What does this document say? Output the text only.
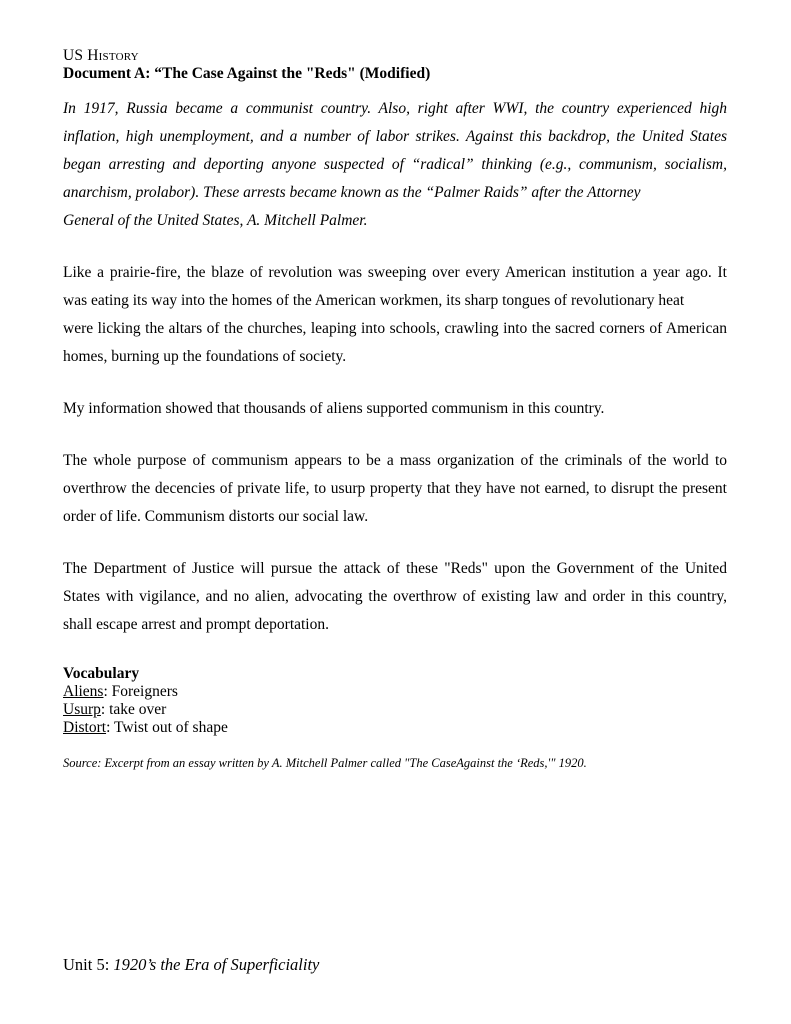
US History
Document A: “The Case Against the "Reds" (Modified)
In 1917, Russia became a communist country. Also, right after WWI, the country experienced high
inflation, high unemployment, and a number of labor strikes. Against this backdrop, the United States
began arresting and deporting anyone suspected of “radical” thinking (e.g., communism, socialism,
anarchism, prolabor). These arrests became known as the “Palmer Raids” after the Attorney
General of the United States, A. Mitchell Palmer.
Like a prairie-fire, the blaze of revolution was sweeping over every American institution a year ago. It
was eating its way into the homes of the American workmen, its sharp tongues of revolutionary heat
were licking the altars of the churches, leaping into schools, crawling into the sacred corners of American
homes, burning up the foundations of society.
My information showed that thousands of aliens supported communism in this country.
The whole purpose of communism appears to be a mass organization of the criminals of the world to
overthrow the decencies of private life, to usurp property that they have not earned, to disrupt the present
order of life. Communism distorts our social law.
The Department of Justice will pursue the attack of these "Reds" upon the Government of the United
States with vigilance, and no alien, advocating the overthrow of existing law and order in this country,
shall escape arrest and prompt deportation.
Vocabulary
Aliens: Foreigners
Usurp: take over
Distort: Twist out of shape
Source: Excerpt from an essay written by A. Mitchell Palmer called "The CaseAgainst the ‘Reds,'" 1920.
Unit 5: 1920’s the Era of Superficiality
